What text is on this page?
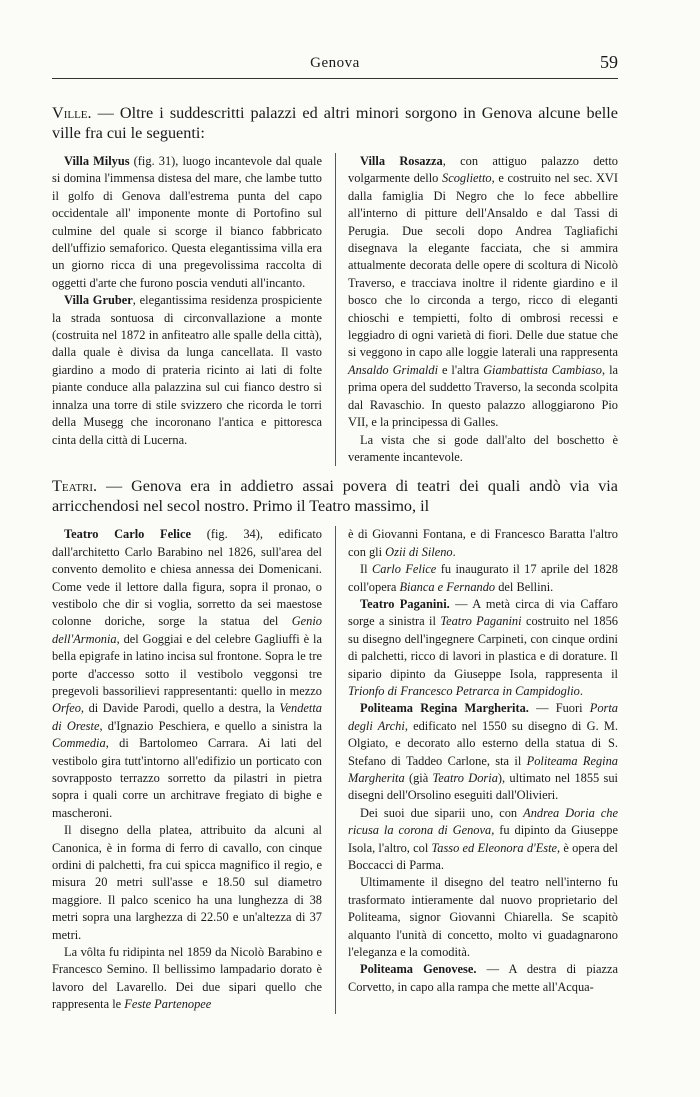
Genova	59
Ville. — Oltre i suddescritti palazzi ed altri minori sorgono in Genova alcune belle ville fra cui le seguenti:

Villa Milyus (fig. 31), luogo incantevole dal quale si domina l'immensa distesa del mare, che lambe tutto il golfo di Genova dall'estrema punta del capo occidentale all' imponente monte di Portofino sul culmine del quale si scorge il bianco fabbricato dell'uffizio semaforico. Questa elegantissima villa era un giorno ricca di una pregevolissima raccolta di oggetti d'arte che furono poscia venduti all'incanto.

Villa Gruber, elegantissima residenza prospiciente la strada sontuosa di circonvallazione a monte (costruita nel 1872 in anfiteatro alle spalle della città), dalla quale è divisa da lunga cancellata. Il vasto giardino a modo di prateria ricinto ai lati di folte piante conduce alla palazzina sul cui fianco destro si innalza una torre di stile svizzero che ricorda le torri della Musegg che incoronano l'antica e pittoresca cinta della città di Lucerna.

Villa Rosazza, con attiguo palazzo detto volgarmente dello Scoglietto, e costruito nel sec. XVI dalla famiglia Di Negro che lo fece abbellire all'interno di pitture dell'Ansaldo e dal Tassi di Perugia. Due secoli dopo Andrea Tagliafichi disegnava la elegante facciata, che si ammira attualmente decorata delle opere di scoltura di Nicolò Traverso, e tracciava inoltre il ridente giardino e il bosco che lo circonda a tergo, ricco di eleganti chioschi e tempietti, folto di ombrosi recessi e leggiadro di ogni varietà di fiori. Delle due statue che si veggono in capo alle loggie laterali una rappresenta Ansaldo Grimaldi e l'altra Giambattista Cambiaso, la prima opera del suddetto Traverso, la seconda scolpita dal Ravaschio. In questo palazzo alloggiarono Pio VII, e la principessa di Galles.

La vista che si gode dall'alto del boschetto è veramente incantevole.

Teatri. — Genova era in addietro assai povera di teatri dei quali andò via via arricchendosi nel secol nostro. Primo il Teatro massimo, il

Teatro Carlo Felice (fig. 34), edificato dall'architetto Carlo Barabino nel 1826, sull'area del convento demolito e chiesa annessa dei Domenicani. Come vede il lettore dalla figura, sopra il pronao, o vestibolo che dir si voglia, sorretto da sei maestose colonne doriche, sorge la statua del Genio dell'Armonia, del Goggiai e del celebre Gagliuffi è la bella epigrafe in latino incisa sul frontone. Sopra le tre porte d'accesso sotto il vestibolo veggonsi tre pregevoli bassorilievi rappresentanti: quello in mezzo Orfeo, di Davide Parodi, quello a destra, la Vendetta di Oreste, d'Ignazio Peschiera, e quello a sinistra la Commedia, di Bartolomeo Carrara. Ai lati del vestibolo gira tutt'intorno all'edifizio un porticato con sovrapposto terrazzo sorretto da pilastri in pietra sopra i quali corre un architrave fregiato di bighe e mascheroni.

Il disegno della platea, attribuito da alcuni al Canonica, è in forma di ferro di cavallo, con cinque ordini di palchetti, fra cui spicca magnifico il regio, e misura 20 metri sull'asse e 18.50 sul diametro maggiore. Il palco scenico ha una lunghezza di 38 metri sopra una larghezza di 22.50 e un'altezza di 37 metri.

La vôlta fu ridipinta nel 1859 da Nicolò Barabino e Francesco Semino. Il bellissimo lampadario dorato è lavoro del Lavarello. Dei due sipari quello che rappresenta le Feste Partenopee

è di Giovanni Fontana, e di Francesco Baratta l'altro con gli Ozii di Sileno.

Il Carlo Felice fu inaugurato il 17 aprile del 1828 coll'opera Bianca e Fernando del Bellini.

Teatro Paganini. — A metà circa di via Caffaro sorge a sinistra il Teatro Paganini costruito nel 1856 su disegno dell'ingegnere Carpineti, con cinque ordini di palchetti, ricco di lavori in plastica e di dorature. Il sipario dipinto da Giuseppe Isola, rappresenta il Trionfo di Francesco Petrarca in Campidoglio.

Politeama Regina Margherita. — Fuori Porta degli Archi, edificato nel 1550 su disegno di G. M. Olgiato, e decorato allo esterno della statua di S. Stefano di Taddeo Carlone, sta il Politeama Regina Margherita (già Teatro Doria), ultimato nel 1855 sui disegni dell'Orsolino eseguiti dall'Olivieri.

Dei suoi due siparii uno, con Andrea Doria che ricusa la corona di Genova, fu dipinto da Giuseppe Isola, l'altro, col Tasso ed Eleonora d'Este, è opera del Boccacci di Parma.

Ultimamente il disegno del teatro nell'interno fu trasformato intieramente dal nuovo proprietario del Politeama, signor Giovanni Chiarella. Se scapitò alquanto l'unità di concetto, molto vi guadagnarono l'eleganza e la comodità.

Politeama Genovese. — A destra di piazza Corvetto, in capo alla rampa che mette all'Acqua-
